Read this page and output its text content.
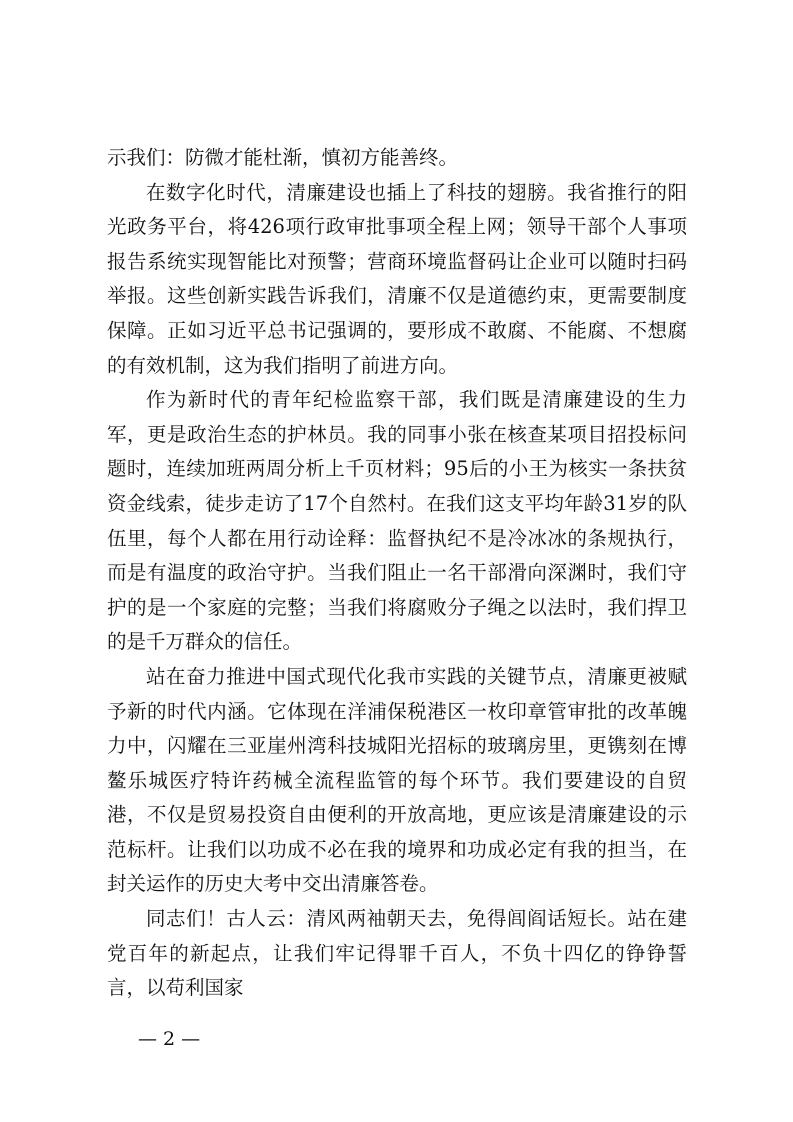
示我们：防微才能杜渐，慎初方能善终。

在数字化时代，清廉建设也插上了科技的翅膀。我省推行的阳光政务平台，将426项行政审批事项全程上网；领导干部个人事项报告系统实现智能比对预警；营商环境监督码让企业可以随时扫码举报。这些创新实践告诉我们，清廉不仅是道德约束，更需要制度保障。正如习近平总书记强调的，要形成不敢腐、不能腐、不想腐的有效机制，这为我们指明了前进方向。

作为新时代的青年纪检监察干部，我们既是清廉建设的生力军，更是政治生态的护林员。我的同事小张在核查某项目招投标问题时，连续加班两周分析上千页材料；95后的小王为核实一条扶贫资金线索，徒步走访了17个自然村。在我们这支平均年龄31岁的队伍里，每个人都在用行动诠释：监督执纪不是冷冰冰的条规执行，而是有温度的政治守护。当我们阻止一名干部滑向深渊时，我们守护的是一个家庭的完整；当我们将腐败分子绳之以法时，我们捍卫的是千万群众的信任。

站在奋力推进中国式现代化我市实践的关键节点，清廉更被赋予新的时代内涵。它体现在洋浦保税港区一枚印章管审批的改革魄力中，闪耀在三亚崖州湾科技城阳光招标的玻璃房里，更镌刻在博鳌乐城医疗特许药械全流程监管的每个环节。我们要建设的自贸港，不仅是贸易投资自由便利的开放高地，更应该是清廉建设的示范标杆。让我们以功成不必在我的境界和功成必定有我的担当，在封关运作的历史大考中交出清廉答卷。

同志们！古人云：清风两袖朝天去，免得闾阎话短长。站在建党百年的新起点，让我们牢记得罪千百人，不负十四亿的铮铮誓言，以苟利国家

— 2 —
